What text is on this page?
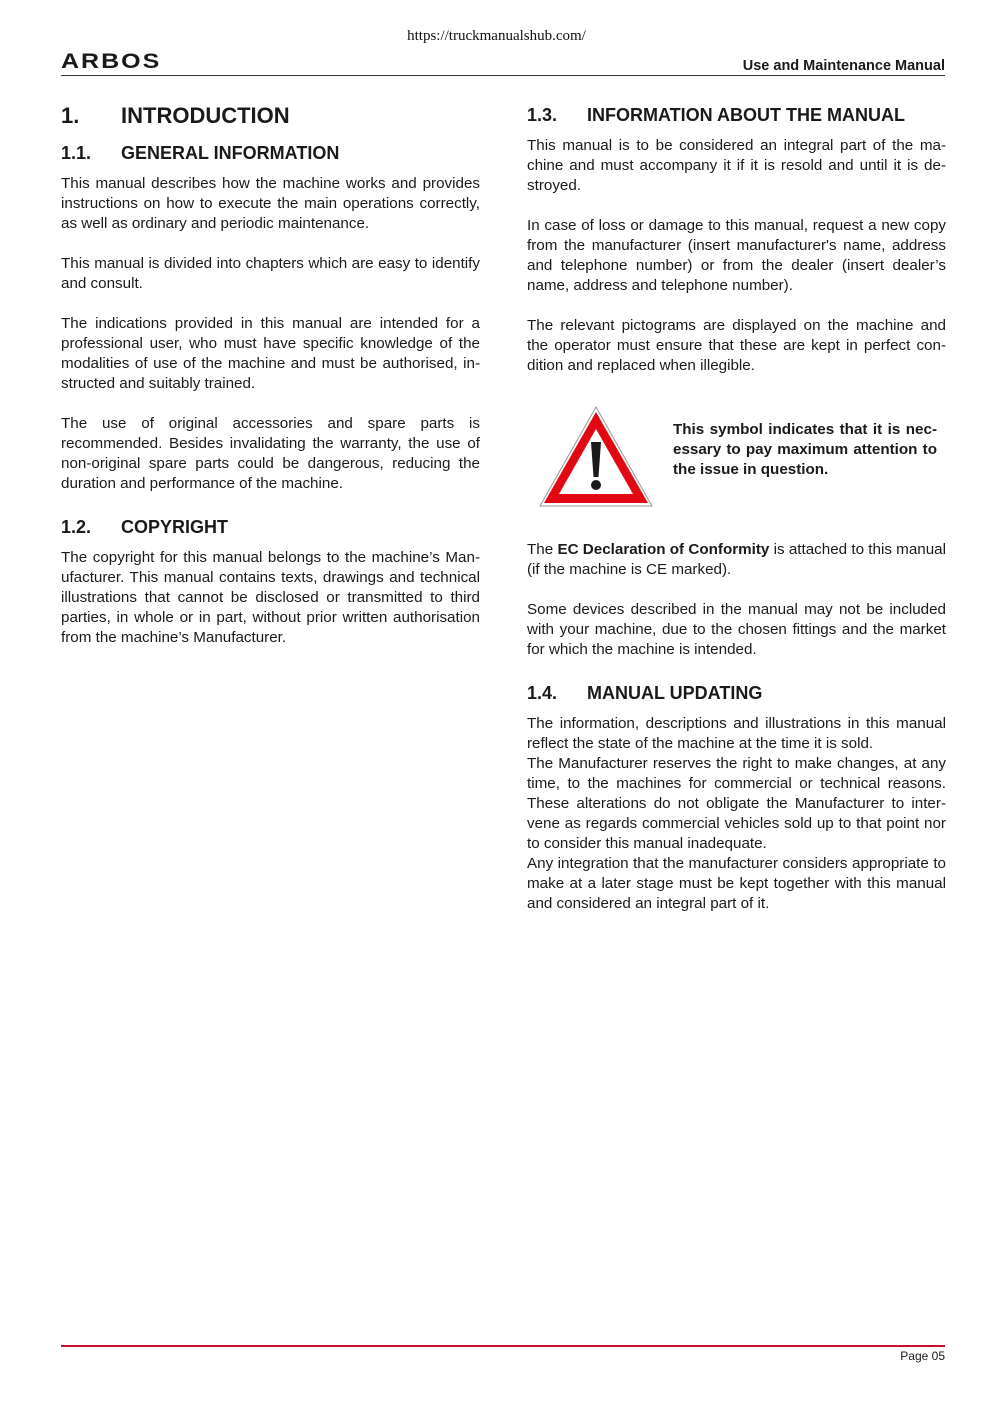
https://truckmanualshub.com/
ARBOS	Use and Maintenance Manual
1.	INTRODUCTION
1.1.	GENERAL INFORMATION

This manual describes how the machine works and provides instructions on how to execute the main operations correctly, as well as ordinary and periodic maintenance.

This manual is divided into chapters which are easy to identify and consult.

The indications provided in this manual are intended for a professional user, who must have specific knowledge of the modalities of use of the machine and must be authorised, instructed and suitably trained.

The use of original accessories and spare parts is recommended. Besides invalidating the warranty, the use of non-original spare parts could be dangerous, reducing the duration and performance of the machine.

1.2.	COPYRIGHT

The copyright for this manual belongs to the machine’s Manufacturer. This manual contains texts, drawings and technical illustrations that cannot be disclosed or transmitted to third parties, in whole or in part, without prior written authorisation from the machine’s Manufacturer.

1.3.	INFORMATION ABOUT THE MANUAL

This manual is to be considered an integral part of the machine and must accompany it if it is resold and until it is destroyed.

In case of loss or damage to this manual, request a new copy from the manufacturer (insert manufacturer's name, address and telephone number) or from the dealer (insert dealer’s name, address and telephone number).

The relevant pictograms are displayed on the machine and the operator must ensure that these are kept in perfect condition and replaced when illegible.

This symbol indicates that it is necessary to pay maximum attention to the issue in question.

The EC Declaration of Conformity is attached to this manual (if the machine is CE marked).

Some devices described in the manual may not be included with your machine, due to the chosen fittings and the market for which the machine is intended.

1.4.	MANUAL UPDATING

The information, descriptions and illustrations in this manual reflect the state of the machine at the time it is sold.

The Manufacturer reserves the right to make changes, at any time, to the machines for commercial or technical reasons. These alterations do not obligate the Manufacturer to intervene as regards commercial vehicles sold up to that point nor to consider this manual inadequate.

Any integration that the manufacturer considers appropriate to make at a later stage must be kept together with this manual and considered an integral part of it.

Page 05
